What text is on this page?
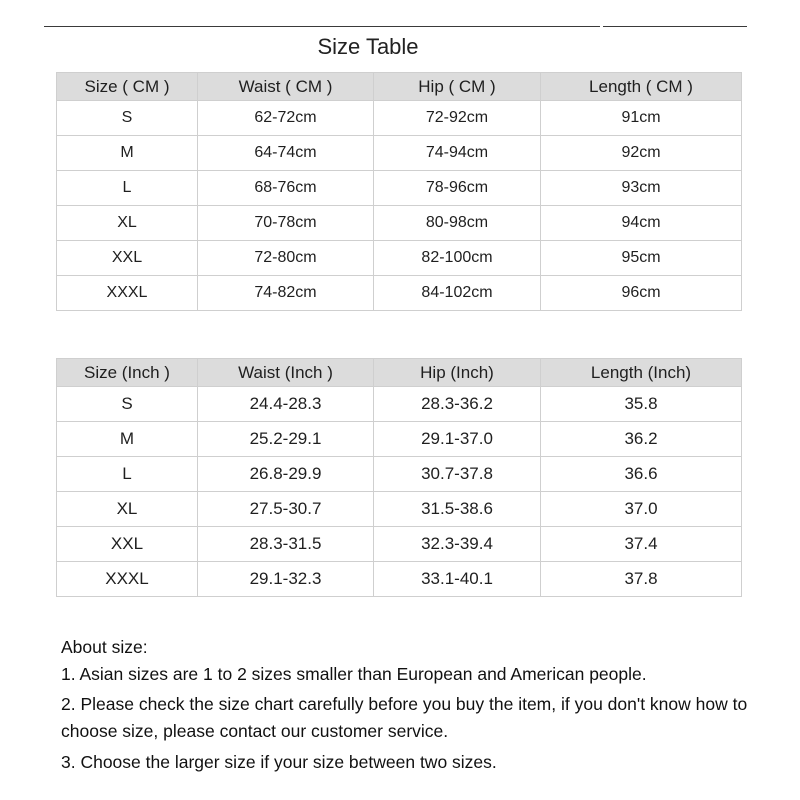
Size Table
Size ( CM )	Waist ( CM )	Hip ( CM )	Length ( CM )
S	62-72cm	72-92cm	91cm
M	64-74cm	74-94cm	92cm
L	68-76cm	78-96cm	93cm
XL	70-78cm	80-98cm	94cm
XXL	72-80cm	82-100cm	95cm
XXXL	74-82cm	84-102cm	96cm
Size (Inch )	Waist (Inch )	Hip (Inch)	Length (Inch)
S	24.4-28.3	28.3-36.2	35.8
M	25.2-29.1	29.1-37.0	36.2
L	26.8-29.9	30.7-37.8	36.6
XL	27.5-30.7	31.5-38.6	37.0
XXL	28.3-31.5	32.3-39.4	37.4
XXXL	29.1-32.3	33.1-40.1	37.8

About size:

1. Asian sizes are 1 to 2 sizes smaller than European and American people.

2. Please check the size chart carefully before you buy the item, if you don't know how to choose size, please contact our customer service.

3. Choose the larger size if your size between two sizes.
